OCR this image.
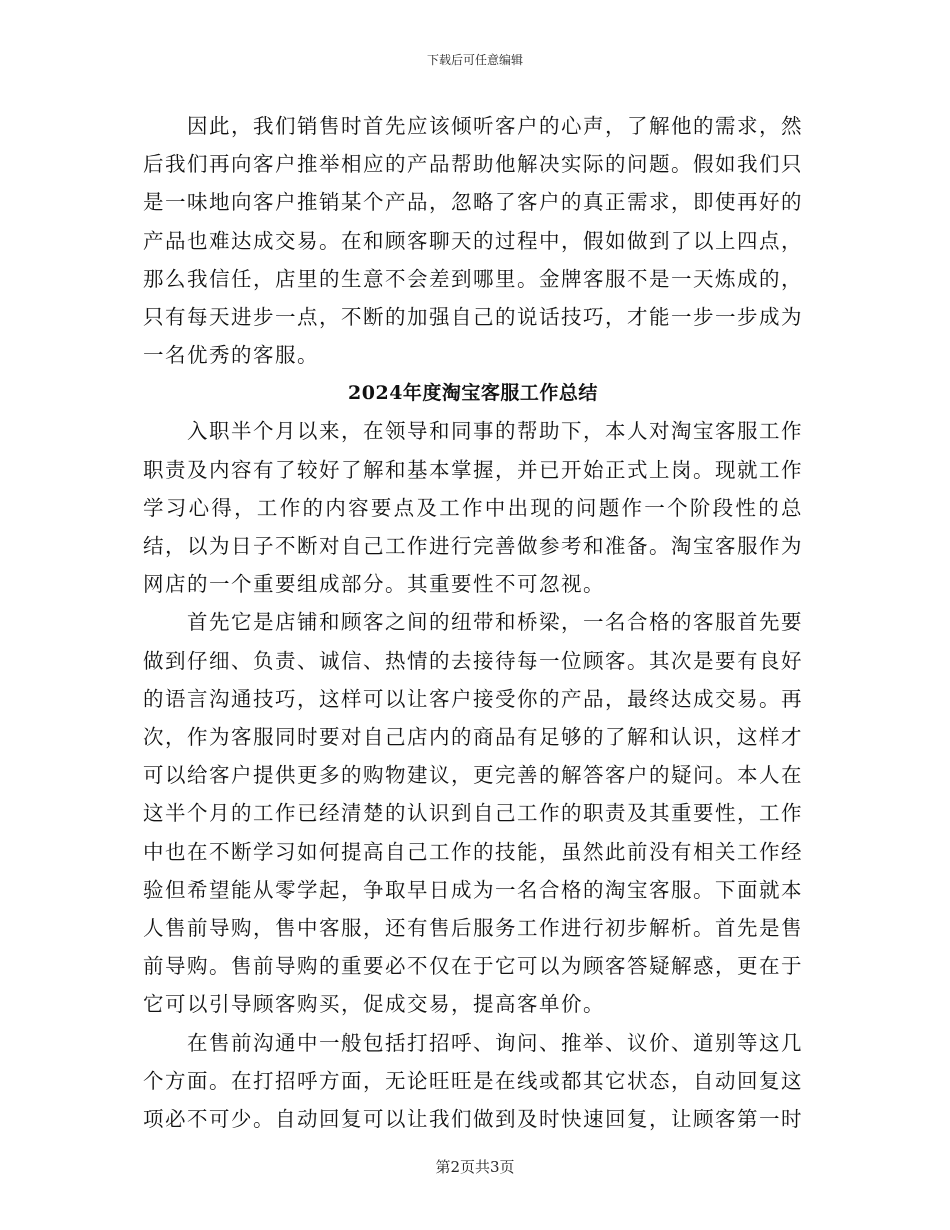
下载后可任意编辑

因此，我们销售时首先应该倾听客户的心声，了解他的需求，然后我们再向客户推举相应的产品帮助他解决实际的问题。假如我们只是一味地向客户推销某个产品，忽略了客户的真正需求，即使再好的产品也难达成交易。在和顾客聊天的过程中，假如做到了以上四点，那么我信任，店里的生意不会差到哪里。金牌客服不是一天炼成的，只有每天进步一点，不断的加强自己的说话技巧，才能一步一步成为一名优秀的客服。

2024年度淘宝客服工作总结

入职半个月以来，在领导和同事的帮助下，本人对淘宝客服工作职责及内容有了较好了解和基本掌握，并已开始正式上岗。现就工作学习心得，工作的内容要点及工作中出现的问题作一个阶段性的总结，以为日子不断对自己工作进行完善做参考和准备。淘宝客服作为网店的一个重要组成部分。其重要性不可忽视。

首先它是店铺和顾客之间的纽带和桥梁，一名合格的客服首先要做到仔细、负责、诚信、热情的去接待每一位顾客。其次是要有良好的语言沟通技巧，这样可以让客户接受你的产品，最终达成交易。再次，作为客服同时要对自己店内的商品有足够的了解和认识，这样才可以给客户提供更多的购物建议，更完善的解答客户的疑问。本人在这半个月的工作已经清楚的认识到自己工作的职责及其重要性，工作中也在不断学习如何提高自己工作的技能，虽然此前没有相关工作经验但希望能从零学起，争取早日成为一名合格的淘宝客服。下面就本人售前导购，售中客服，还有售后服务工作进行初步解析。首先是售前导购。售前导购的重要必不仅在于它可以为顾客答疑解惑，更在于它可以引导顾客购买，促成交易，提高客单价。

在售前沟通中一般包括打招呼、询问、推举、议价、道别等这几个方面。在打招呼方面，无论旺旺是在线或都其它状态，自动回复这项必不可少。自动回复可以让我们做到及时快速回复，让顾客第一时

第2页共3页
